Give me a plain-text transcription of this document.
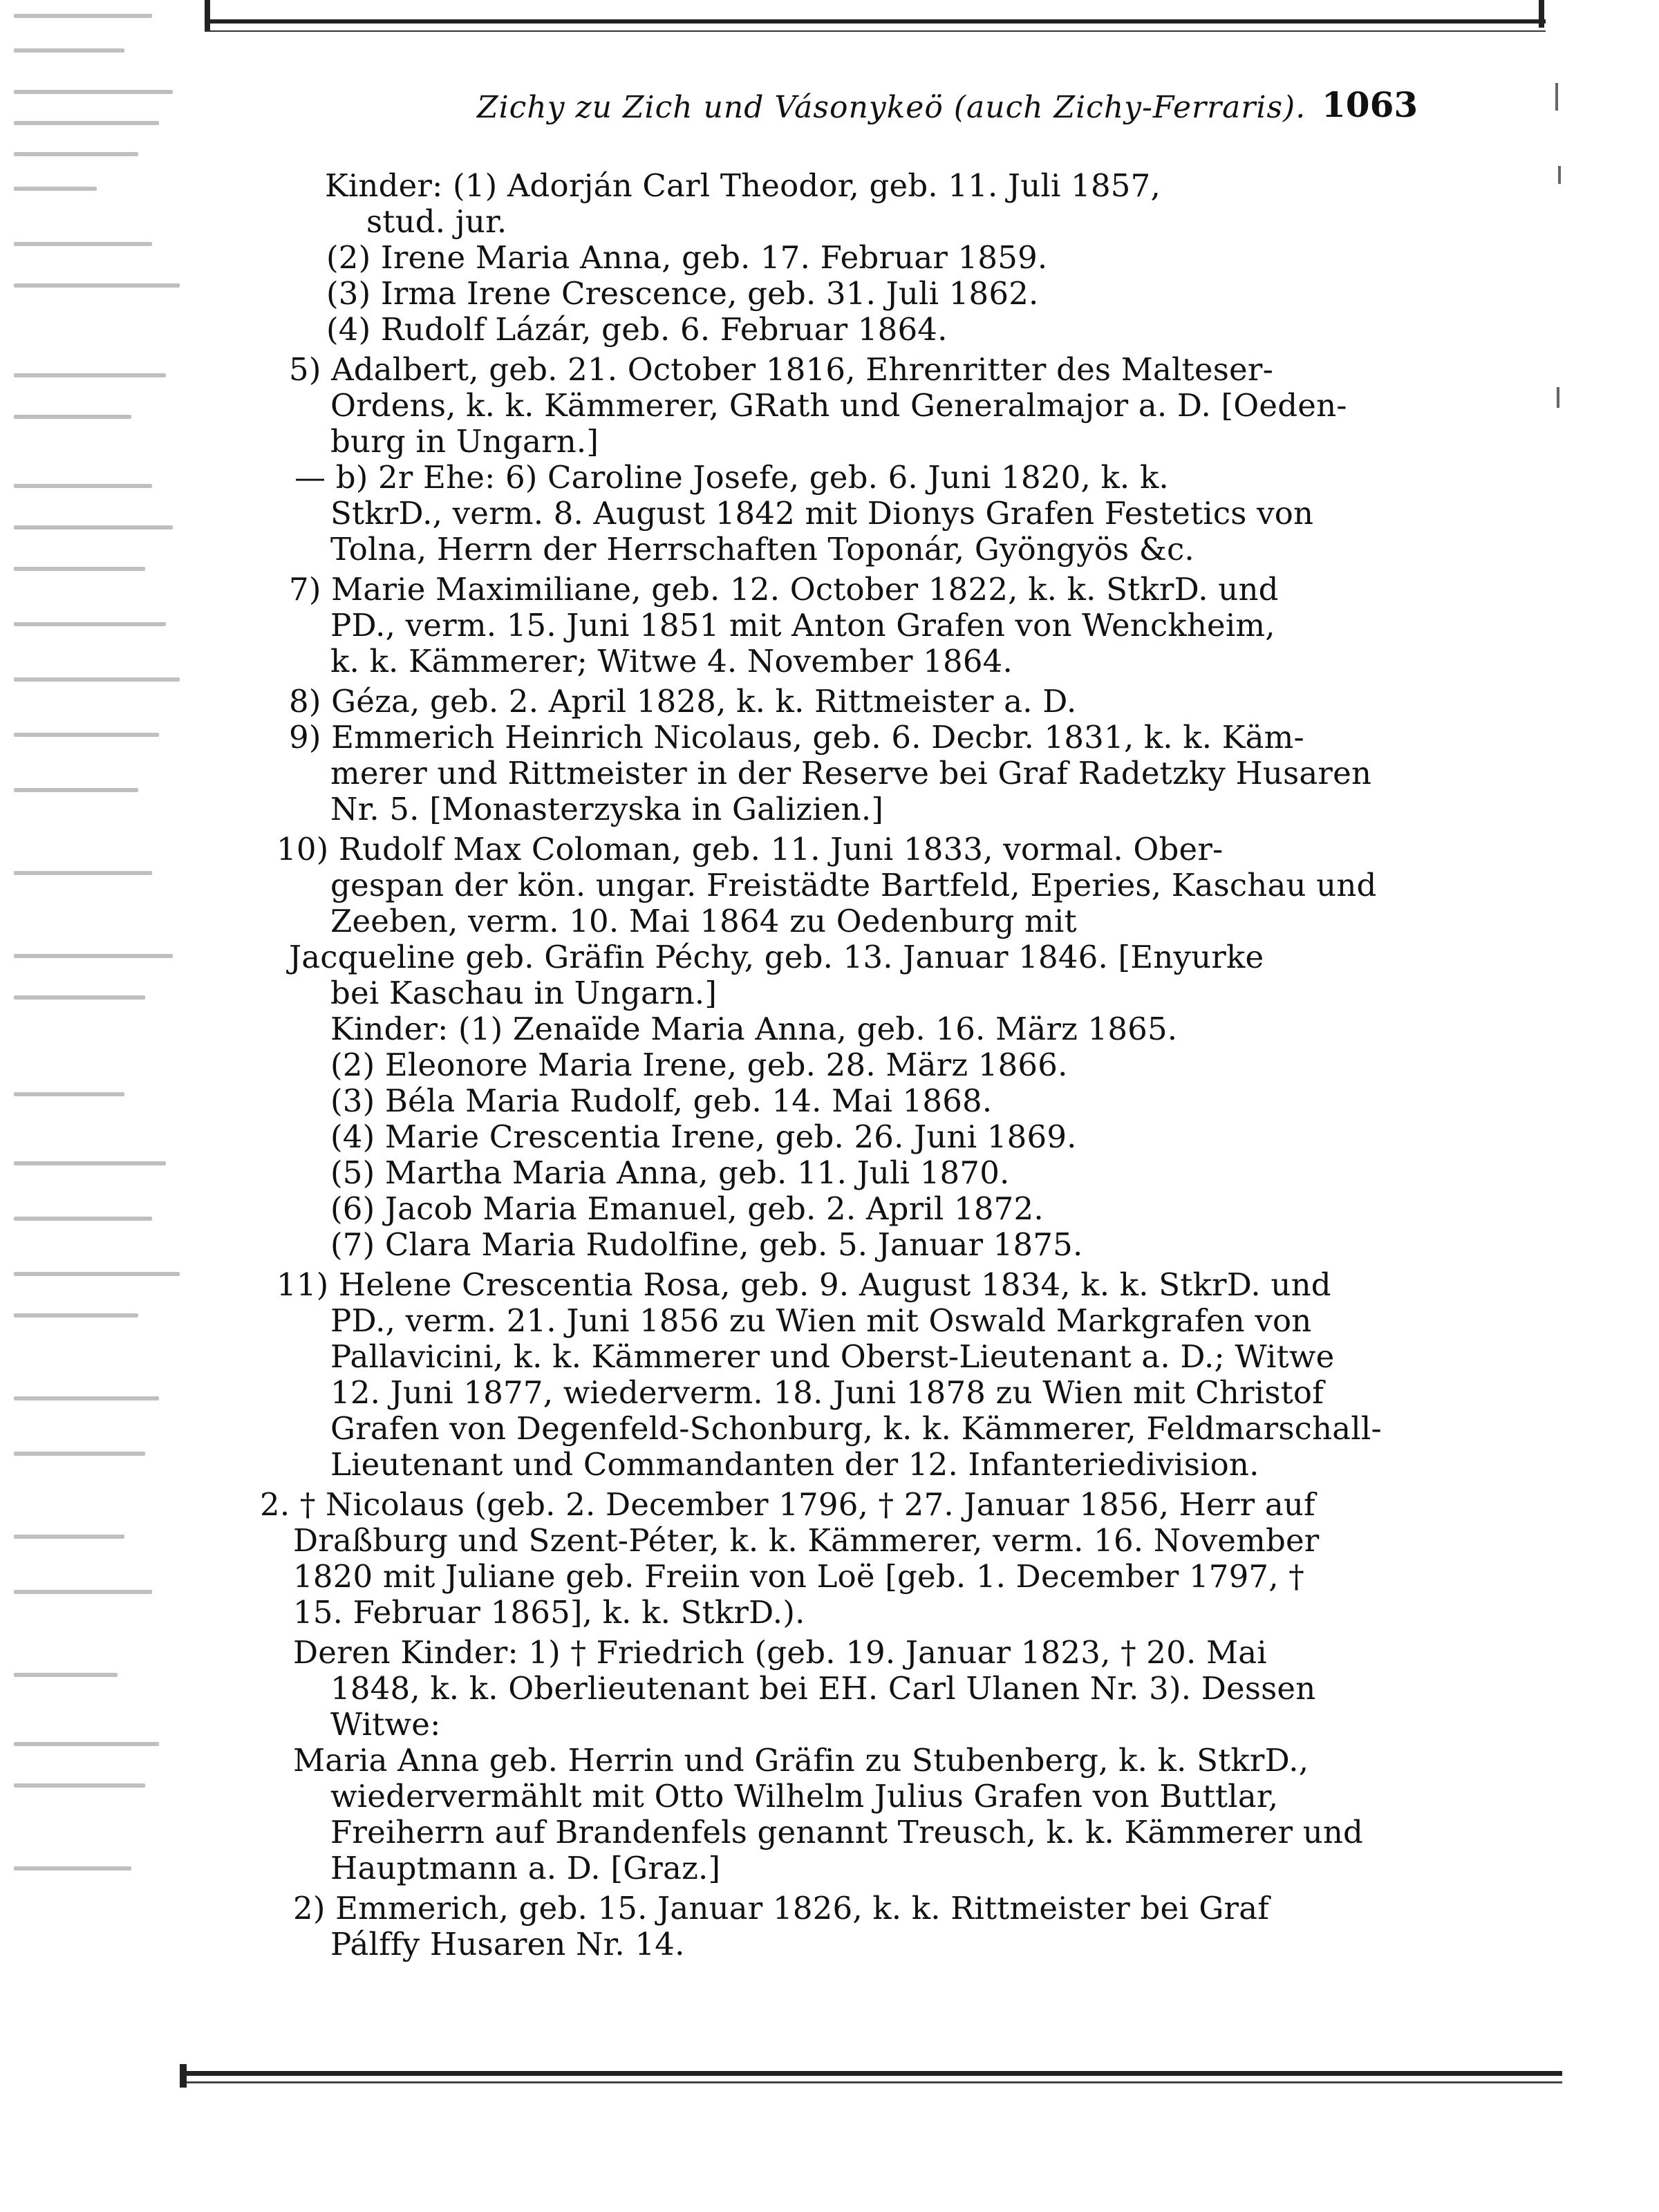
Zichy zu Zich und Vásonykeö (auch Zichy-Ferraris). 1063
Kinder: (1) Adorján Carl Theodor, geb. 11. Juli 1857,
stud. jur.
(2) Irene Maria Anna, geb. 17. Februar 1859.
(3) Irma Irene Crescence, geb. 31. Juli 1862.
(4) Rudolf Lázár, geb. 6. Februar 1864.
5) Adalbert, geb. 21. October 1816, Ehrenritter des Malteser-
Ordens, k. k. Kämmerer, GRath und Generalmajor a. D. [Oeden-
burg in Ungarn.]
— b) 2r Ehe: 6) Caroline Josefe, geb. 6. Juni 1820, k. k.
StkrD., verm. 8. August 1842 mit Dionys Grafen Festetics von
Tolna, Herrn der Herrschaften Toponár, Gyöngyös &c.
7) Marie Maximiliane, geb. 12. October 1822, k. k. StkrD. und
PD., verm. 15. Juni 1851 mit Anton Grafen von Wenckheim,
k. k. Kämmerer; Witwe 4. November 1864.
8) Géza, geb. 2. April 1828, k. k. Rittmeister a. D.
9) Emmerich Heinrich Nicolaus, geb. 6. Decbr. 1831, k. k. Käm-
merer und Rittmeister in der Reserve bei Graf Radetzky Husaren
Nr. 5. [Monasterzyska in Galizien.]
10) Rudolf Max Coloman, geb. 11. Juni 1833, vormal. Ober-
gespan der kön. ungar. Freistädte Bartfeld, Eperies, Kaschau und
Zeeben, verm. 10. Mai 1864 zu Oedenburg mit
Jacqueline geb. Gräfin Péchy, geb. 13. Januar 1846. [Enyurke
bei Kaschau in Ungarn.]
Kinder: (1) Zenaïde Maria Anna, geb. 16. März 1865.
(2) Eleonore Maria Irene, geb. 28. März 1866.
(3) Béla Maria Rudolf, geb. 14. Mai 1868.
(4) Marie Crescentia Irene, geb. 26. Juni 1869.
(5) Martha Maria Anna, geb. 11. Juli 1870.
(6) Jacob Maria Emanuel, geb. 2. April 1872.
(7) Clara Maria Rudolfine, geb. 5. Januar 1875.
11) Helene Crescentia Rosa, geb. 9. August 1834, k. k. StkrD. und
PD., verm. 21. Juni 1856 zu Wien mit Oswald Markgrafen von
Pallavicini, k. k. Kämmerer und Oberst-Lieutenant a. D.; Witwe
12. Juni 1877, wiederverm. 18. Juni 1878 zu Wien mit Christof
Grafen von Degenfeld-Schonburg, k. k. Kämmerer, Feldmarschall-
Lieutenant und Commandanten der 12. Infanteriedivision.
2. † Nicolaus (geb. 2. December 1796, † 27. Januar 1856, Herr auf
Draßburg und Szent-Péter, k. k. Kämmerer, verm. 16. November
1820 mit Juliane geb. Freiin von Loë [geb. 1. December 1797, †
15. Februar 1865], k. k. StkrD.).
Deren Kinder: 1) † Friedrich (geb. 19. Januar 1823, † 20. Mai
1848, k. k. Oberlieutenant bei EH. Carl Ulanen Nr. 3). Dessen
Witwe:
Maria Anna geb. Herrin und Gräfin zu Stubenberg, k. k. StkrD.,
wiedervermählt mit Otto Wilhelm Julius Grafen von Buttlar,
Freiherrn auf Brandenfels genannt Treusch, k. k. Kämmerer und
Hauptmann a. D. [Graz.]
2) Emmerich, geb. 15. Januar 1826, k. k. Rittmeister bei Graf
Pálffy Husaren Nr. 14.
